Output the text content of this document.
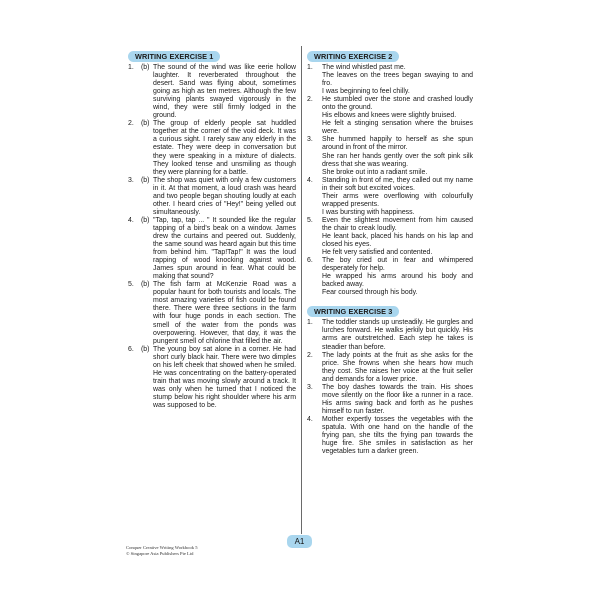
WRITING EXERCISE 1
1. (b) The sound of the wind was like eerie hollow laughter. It reverberated throughout the desert. Sand was flying about, sometimes going as high as ten metres. Although the few surviving plants swayed vigorously in the wind, they were still firmly lodged in the ground.
2. (b) The group of elderly people sat huddled together at the corner of the void deck. It was a curious sight. I rarely saw any elderly in the estate. They were deep in conversation but they were speaking in a mixture of dialects. They looked tense and unsmiling as though they were planning for a battle.
3. (b) The shop was quiet with only a few customers in it. At that moment, a loud crash was heard and two people began shouting loudly at each other. I heard cries of "Hey!" being yelled out simultaneously.
4. (b) "Tap, tap, tap ... " It sounded like the regular tapping of a bird's beak on a window. James drew the curtains and peered out. Suddenly, the same sound was heard again but this time from behind him. "Tap!Tap!" It was the loud rapping of wood knocking against wood. James spun around in fear. What could be making that sound?
5. (b) The fish farm at McKenzie Road was a popular haunt for both tourists and locals. The most amazing varieties of fish could be found there. There were three sections in the farm with four huge ponds in each section. The smell of the water from the ponds was overpowering. However, that day, it was the pungent smell of chlorine that filled the air.
6. (b) The young boy sat alone in a corner. He had short curly black hair. There were two dimples on his left cheek that showed when he smiled. He was concentrating on the battery-operated train that was moving slowly around a track. It was only when he turned that I noticed the stump below his right shoulder where his arm was supposed to be.
WRITING EXERCISE 2
1. The wind whistled past me.
The leaves on the trees began swaying to and fro.
I was beginning to feel chilly.
2. He stumbled over the stone and crashed loudly onto the ground.
His elbows and knees were slightly bruised.
He felt a stinging sensation where the bruises were.
3. She hummed happily to herself as she spun around in front of the mirror.
She ran her hands gently over the soft pink silk dress that she was wearing.
She broke out into a radiant smile.
4. Standing in front of me, they called out my name in their soft but excited voices.
Their arms were overflowing with colourfully wrapped presents.
I was bursting with happiness.
5. Even the slightest movement from him caused the chair to creak loudly.
He leant back, placed his hands on his lap and closed his eyes.
He felt very satisfied and contented.
6. The boy cried out in fear and whimpered desperately for help.
He wrapped his arms around his body and backed away.
Fear coursed through his body.
WRITING EXERCISE 3
1. The toddler stands up unsteadily. He gurgles and lurches forward. He walks jerkily but quickly. His arms are outstretched. Each step he takes is steadier than before.
2. The lady points at the fruit as she asks for the price. She frowns when she hears how much they cost. She raises her voice at the fruit seller and demands for a lower price.
3. The boy dashes towards the train. His shoes move silently on the floor like a runner in a race. His arms swing back and forth as he pushes himself to run faster.
4. Mother expertly tosses the vegetables with the spatula. With one hand on the handle of the frying pan, she tilts the frying pan towards the huge fire. She smiles in satisfaction as her vegetables turn a darker green.
A1
Conquer Creative Writing Workbook 5
© Singapore Asia Publishers Pte Ltd
